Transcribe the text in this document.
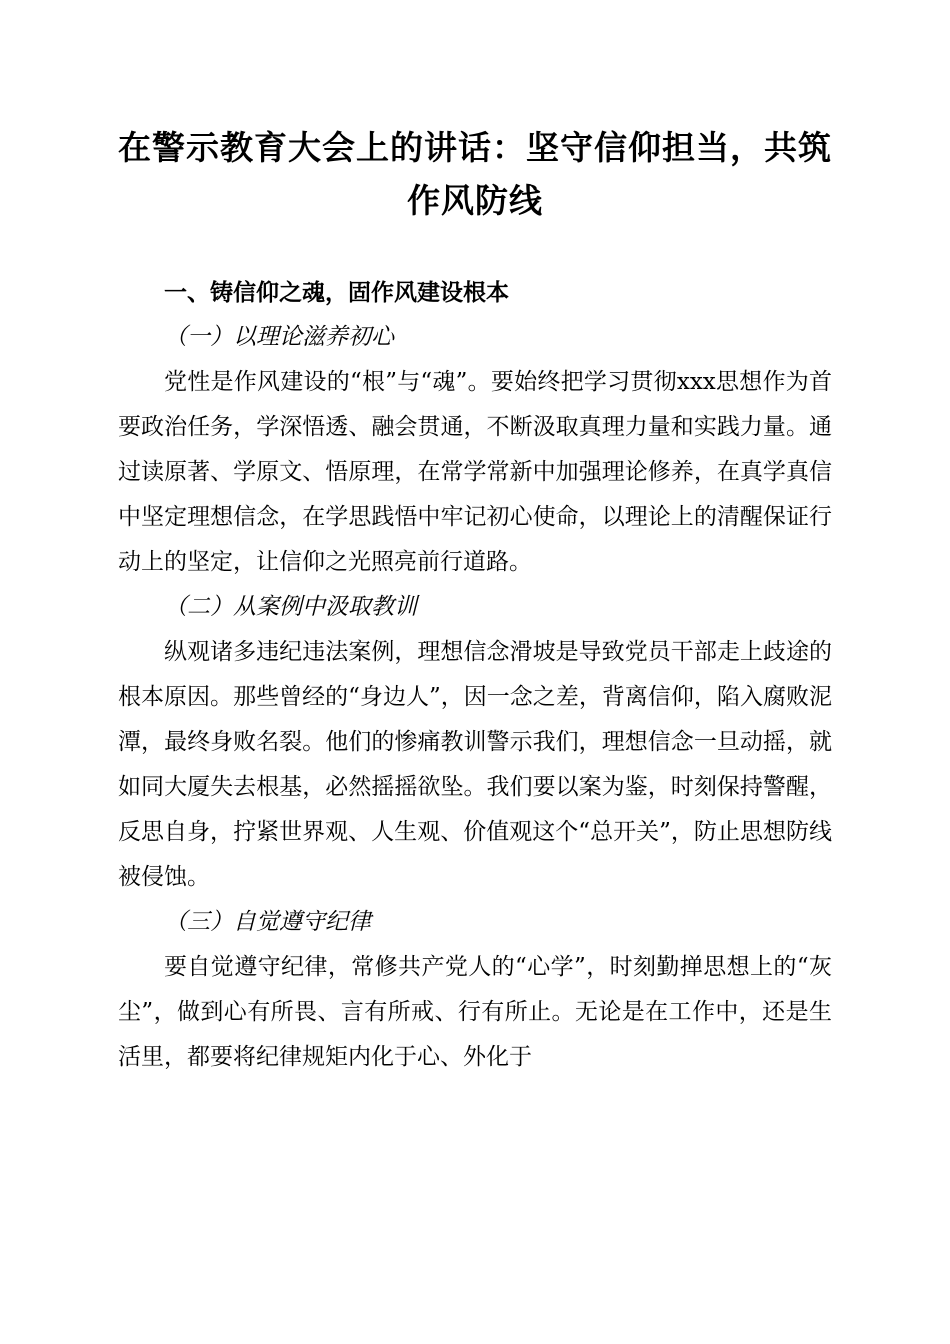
在警示教育大会上的讲话：坚守信仰担当，共筑作风防线
一、铸信仰之魂，固作风建设根本
（一）以理论滋养初心

党性是作风建设的“根”与“魂”。要始终把学习贯彻xxx思想作为首要政治任务，学深悟透、融会贯通，不断汲取真理力量和实践力量。通过读原著、学原文、悟原理，在常学常新中加强理论修养，在真学真信中坚定理想信念，在学思践悟中牢记初心使命，以理论上的清醒保证行动上的坚定，让信仰之光照亮前行道路。

（二）从案例中汲取教训

纵观诸多违纪违法案例，理想信念滑坡是导致党员干部走上歧途的根本原因。那些曾经的“身边人”，因一念之差，背离信仰，陷入腐败泥潭，最终身败名裂。他们的惨痛教训警示我们，理想信念一旦动摇，就如同大厦失去根基，必然摇摇欲坠。我们要以案为鉴，时刻保持警醒，反思自身，拧紧世界观、人生观、价值观这个“总开关”，防止思想防线被侵蚀。

（三）自觉遵守纪律

要自觉遵守纪律，常修共产党人的“心学”，时刻勤掸思想上的“灰尘”，做到心有所畏、言有所戒、行有所止。无论是在工作中，还是生活里，都要将纪律规矩内化于心、外化于
